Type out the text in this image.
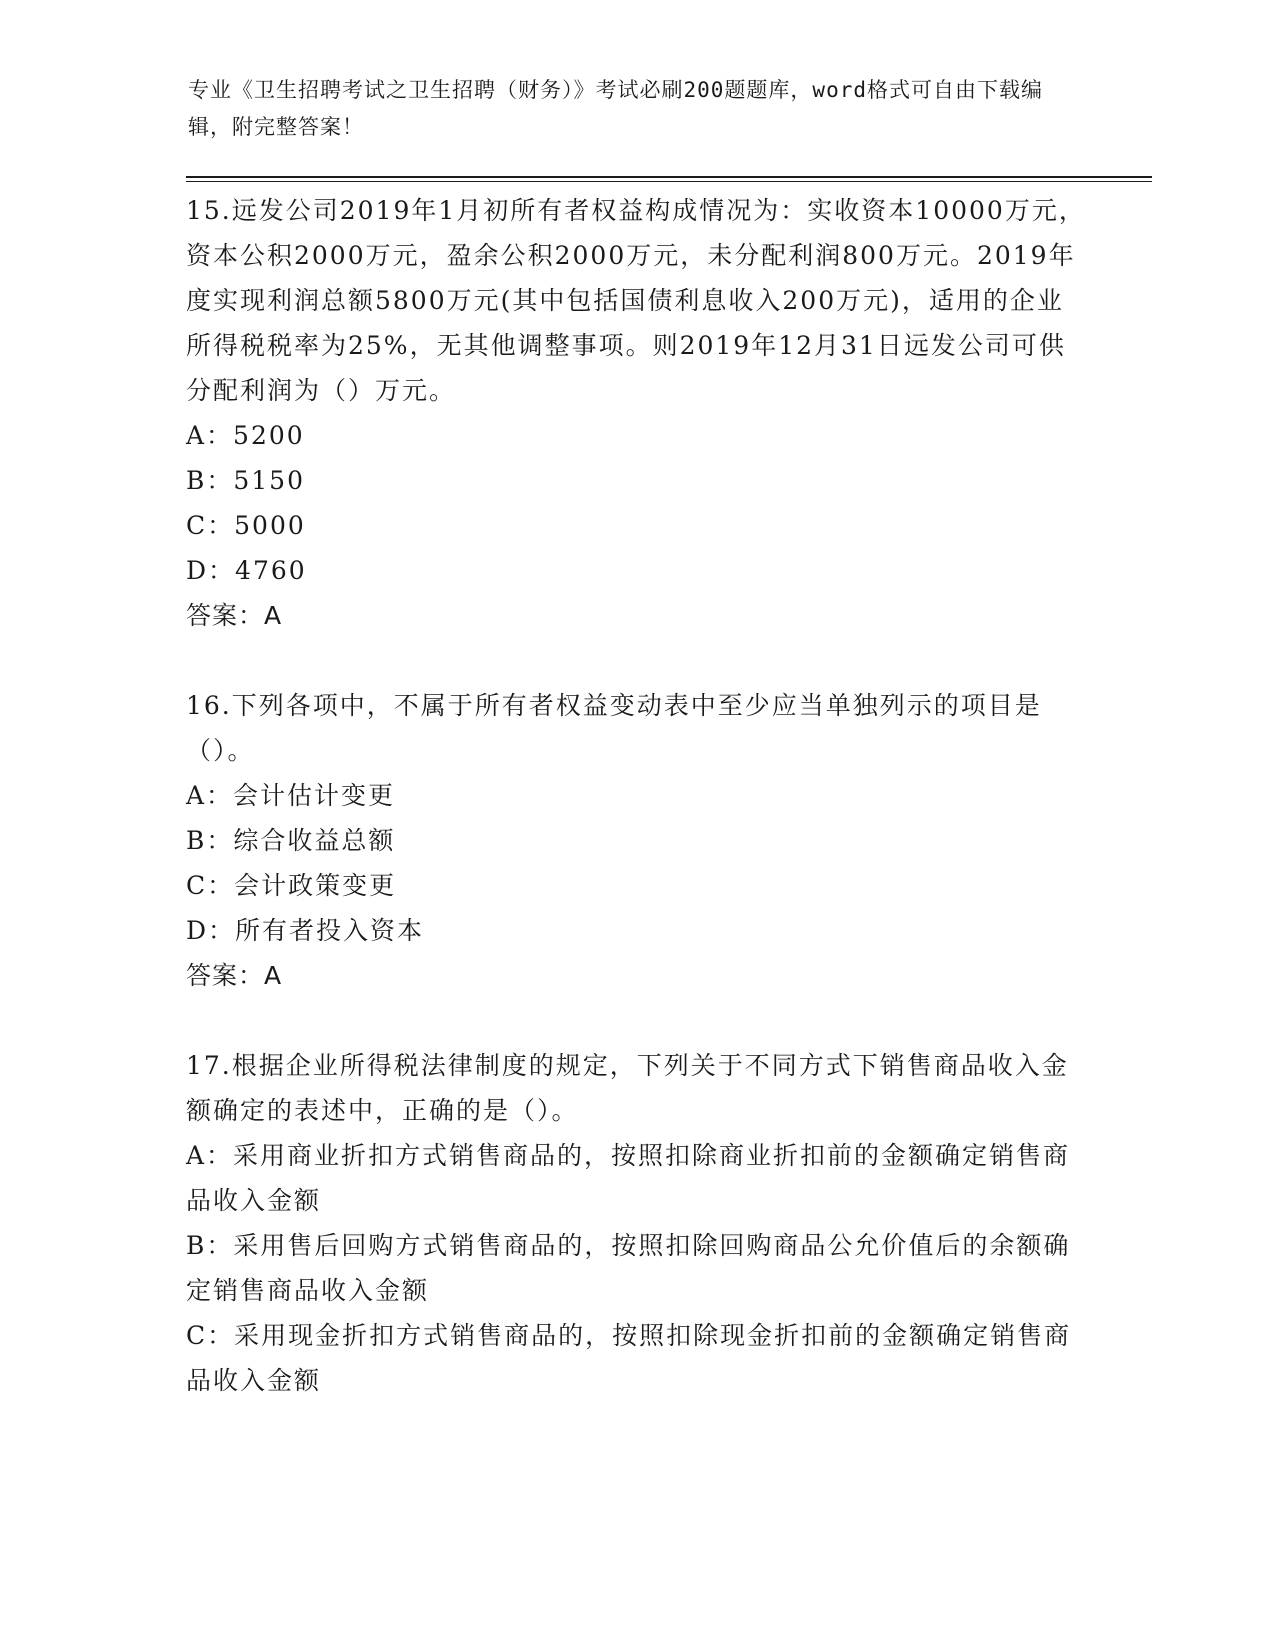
专业《卫生招聘考试之卫生招聘（财务）》考试必刷200题题库，word格式可自由下载编辑，附完整答案！

15.远发公司2019年1月初所有者权益构成情况为：实收资本10000万元，资本公积2000万元，盈余公积2000万元，未分配利润800万元。2019年度实现利润总额5800万元(其中包括国债利息收入200万元)，适用的企业所得税税率为25%，无其他调整事项。则2019年12月31日远发公司可供分配利润为（）万元。

A：5200

B：5150

C：5000

D：4760

答案：A

16.下列各项中，不属于所有者权益变动表中至少应当单独列示的项目是（）。

A：会计估计变更

B：综合收益总额

C：会计政策变更

D：所有者投入资本

答案：A

17.根据企业所得税法律制度的规定，下列关于不同方式下销售商品收入金额确定的表述中，正确的是（）。

A：采用商业折扣方式销售商品的，按照扣除商业折扣前的金额确定销售商品收入金额

B：采用售后回购方式销售商品的，按照扣除回购商品公允价值后的余额确定销售商品收入金额

C：采用现金折扣方式销售商品的，按照扣除现金折扣前的金额确定销售商品收入金额
